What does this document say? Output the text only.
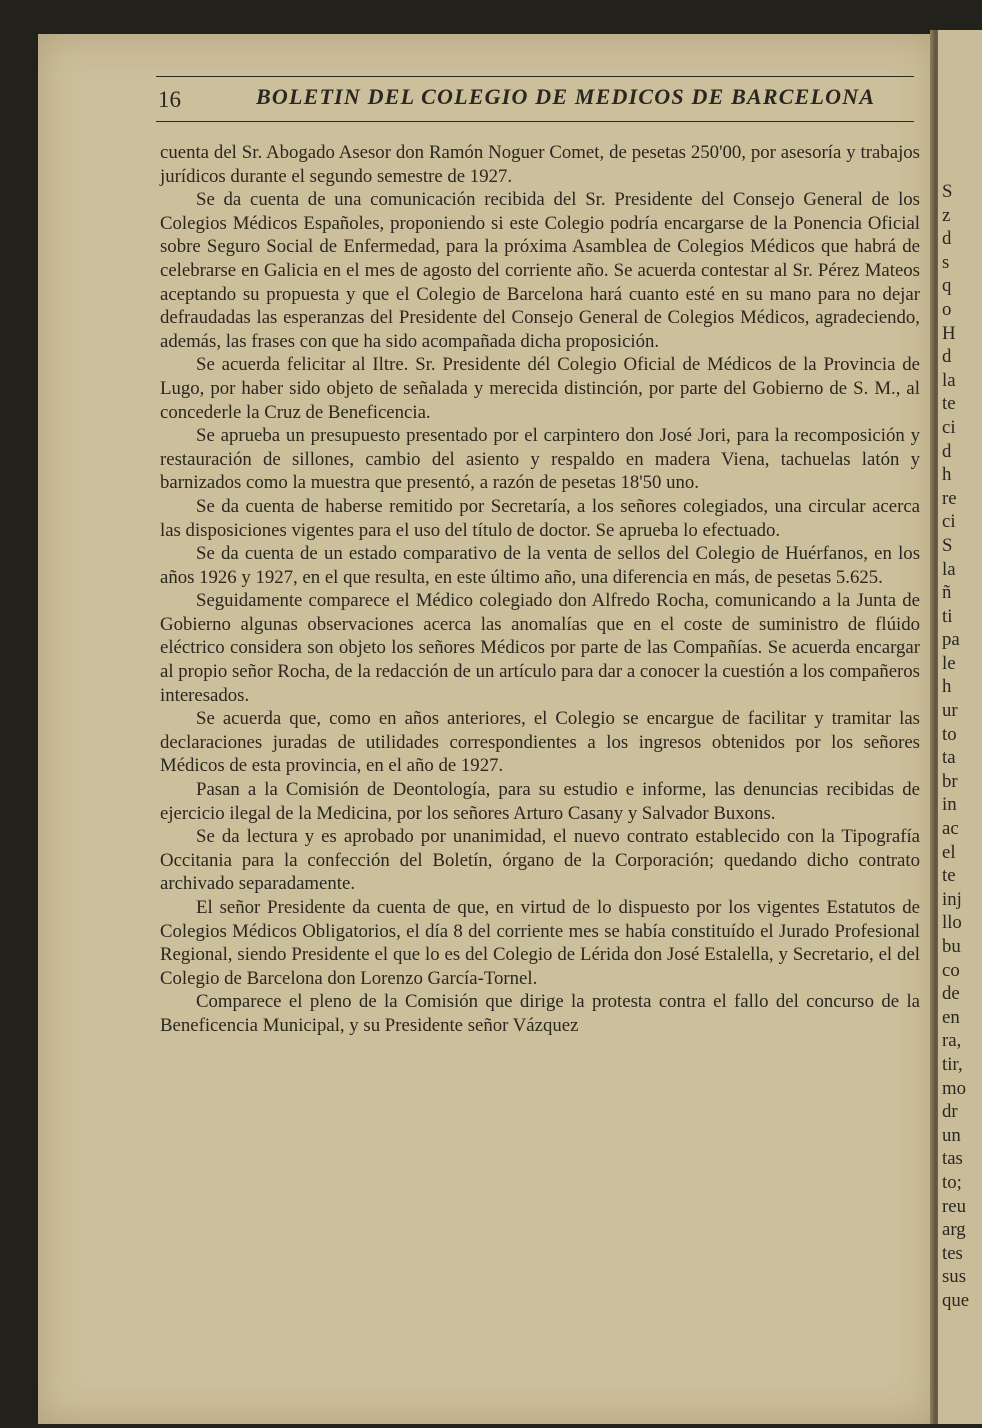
S
z
d
s
q
o
H
d
la
te
ci
d
h
re
ci
S
la
ñ
ti
pa
le
h
ur
to
ta
br
in
ac
el
te
inj
llo
bu
co
de
en
ra,
tir,
mo
dr
un
tas
to;
reu
arg
tes
sus
que
16	BOLETIN DEL COLEGIO DE MEDICOS DE BARCELONA

cuenta del Sr. Abogado Asesor don Ramón Noguer Comet, de pesetas 250'00, por asesoría y trabajos jurídicos durante el segundo semestre de 1927.

Se da cuenta de una comunicación recibida del Sr. Presidente del Consejo General de los Colegios Médicos Españoles, proponiendo si este Colegio podría encargarse de la Ponencia Oficial sobre Seguro Social de Enfermedad, para la próxima Asamblea de Colegios Médicos que habrá de celebrarse en Galicia en el mes de agosto del corriente año. Se acuerda contestar al Sr. Pérez Mateos aceptando su propuesta y que el Colegio de Barcelona hará cuanto esté en su mano para no dejar defraudadas las esperanzas del Presidente del Consejo General de Colegios Médicos, agradeciendo, además, las frases con que ha sido acompañada dicha proposición.

Se acuerda felicitar al Iltre. Sr. Presidente dél Colegio Oficial de Médicos de la Provincia de Lugo, por haber sido objeto de señalada y merecida distinción, por parte del Gobierno de S. M., al concederle la Cruz de Beneficencia.

Se aprueba un presupuesto presentado por el carpintero don José Jori, para la recomposición y restauración de sillones, cambio del asiento y respaldo en madera Viena, tachuelas latón y barnizados como la muestra que presentó, a razón de pesetas 18'50 uno.

Se da cuenta de haberse remitido por Secretaría, a los señores colegiados, una circular acerca las disposiciones vigentes para el uso del título de doctor. Se aprueba lo efectuado.

Se da cuenta de un estado comparativo de la venta de sellos del Colegio de Huérfanos, en los años 1926 y 1927, en el que resulta, en este último año, una diferencia en más, de pesetas 5.625.

Seguidamente comparece el Médico colegiado don Alfredo Rocha, comunicando a la Junta de Gobierno algunas observaciones acerca las anomalías que en el coste de suministro de flúido eléctrico considera son objeto los señores Médicos por parte de las Compañías. Se acuerda encargar al propio señor Rocha, de la redacción de un artículo para dar a conocer la cuestión a los compañeros interesados.

Se acuerda que, como en años anteriores, el Colegio se encargue de facilitar y tramitar las declaraciones juradas de utilidades correspondientes a los ingresos obtenidos por los señores Médicos de esta provincia, en el año de 1927.

Pasan a la Comisión de Deontología, para su estudio e informe, las denuncias recibidas de ejercicio ilegal de la Medicina, por los señores Arturo Casany y Salvador Buxons.

Se da lectura y es aprobado por unanimidad, el nuevo contrato establecido con la Tipografía Occitania para la confección del Boletín, órgano de la Corporación; quedando dicho contrato archivado separadamente.

El señor Presidente da cuenta de que, en virtud de lo dispuesto por los vigentes Estatutos de Colegios Médicos Obligatorios, el día 8 del corriente mes se había constituído el Jurado Profesional Regional, siendo Presidente el que lo es del Colegio de Lérida don José Estalella, y Secretario, el del Colegio de Barcelona don Lorenzo García-Tornel.

Comparece el pleno de la Comisión que dirige la protesta contra el fallo del concurso de la Beneficencia Municipal, y su Presidente señor Vázquez
